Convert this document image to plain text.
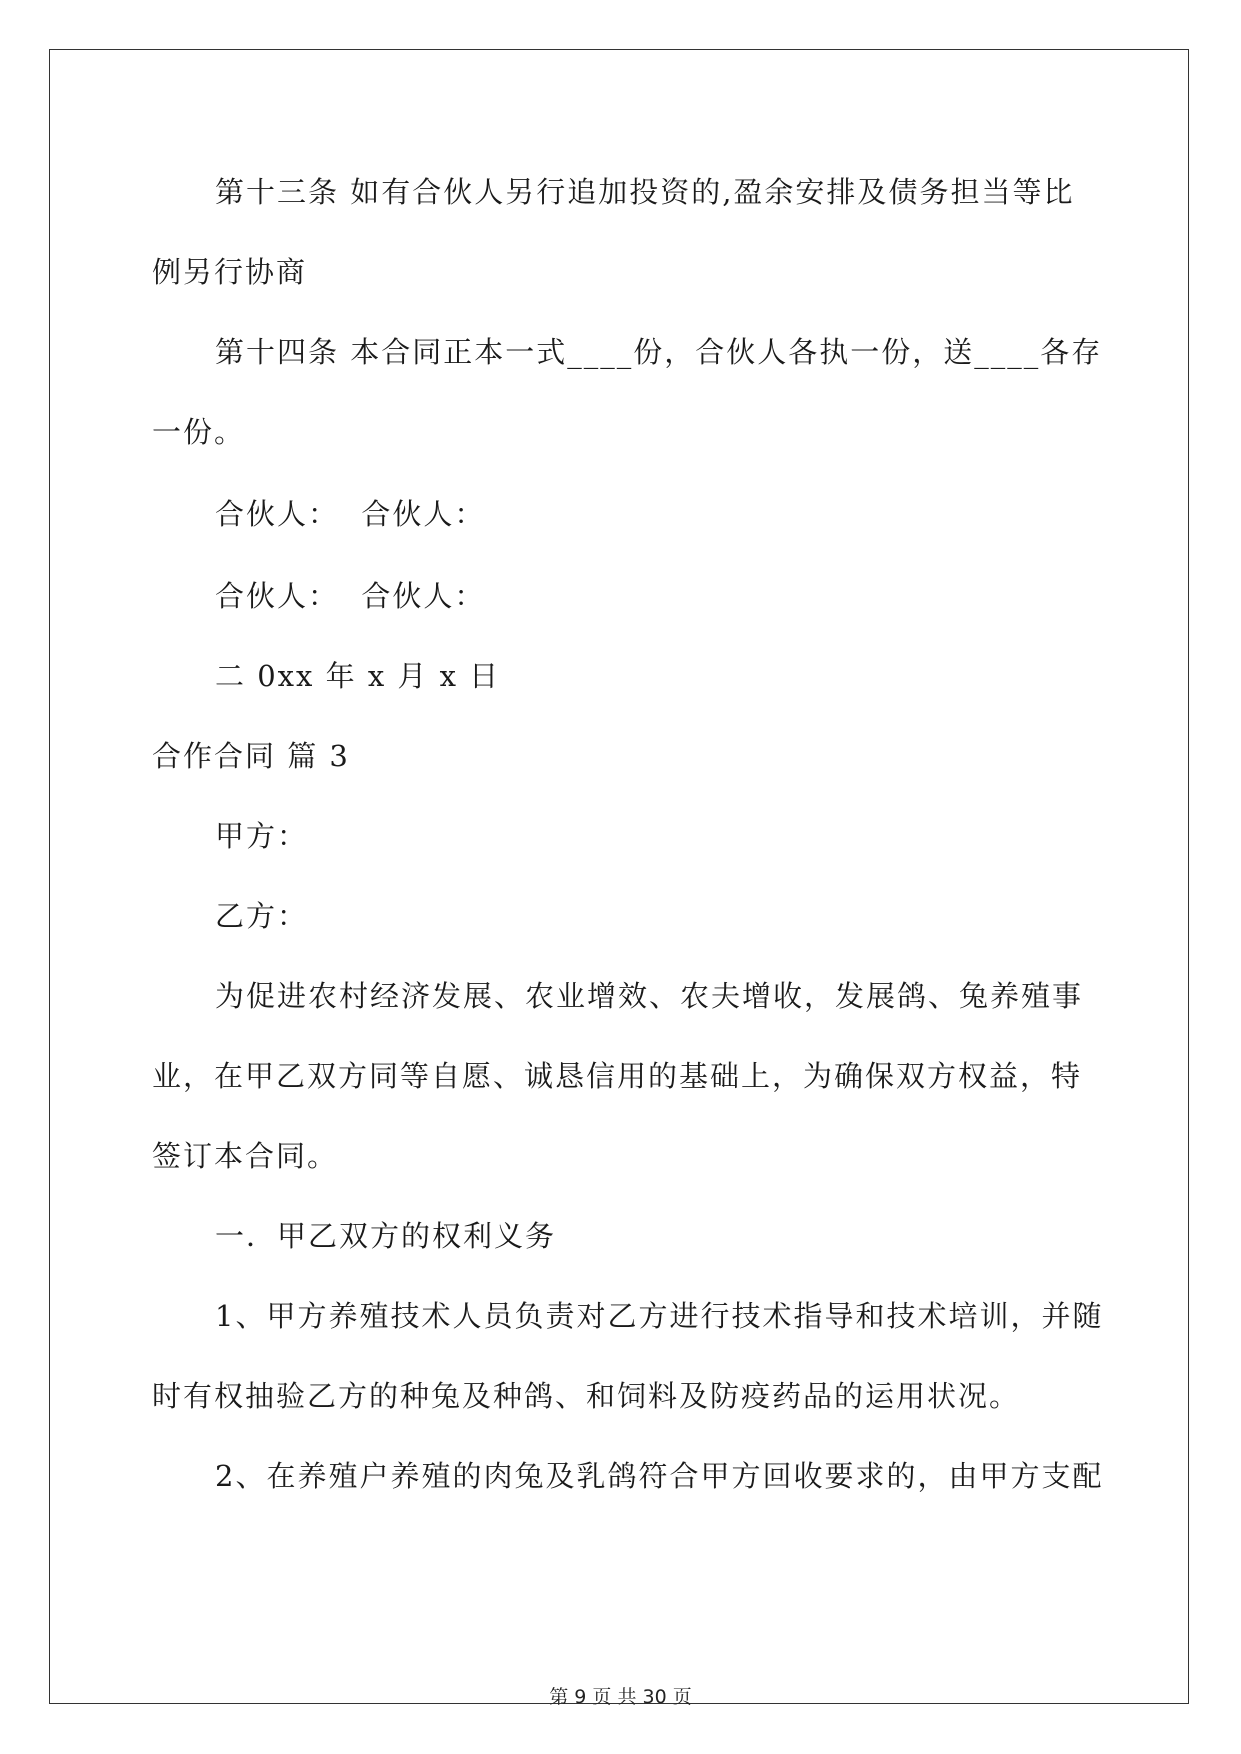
第十三条 如有合伙人另行追加投资的,盈余安排及债务担当等比
例另行协商
第十四条 本合同正本一式____份，合伙人各执一份，送____各存
一份。
合伙人：  合伙人：
合伙人：  合伙人：
二 0xx 年 x 月 x 日
合作合同 篇 3
甲方：
乙方：
为促进农村经济发展、农业增效、农夫增收，发展鸽、兔养殖事
业，在甲乙双方同等自愿、诚恳信用的基础上，为确保双方权益，特
签订本合同。
一．甲乙双方的权利义务
1、甲方养殖技术人员负责对乙方进行技术指导和技术培训，并随
时有权抽验乙方的种兔及种鸽、和饲料及防疫药品的运用状况。
2、在养殖户养殖的肉兔及乳鸽符合甲方回收要求的，由甲方支配
第 9 页 共 30 页
